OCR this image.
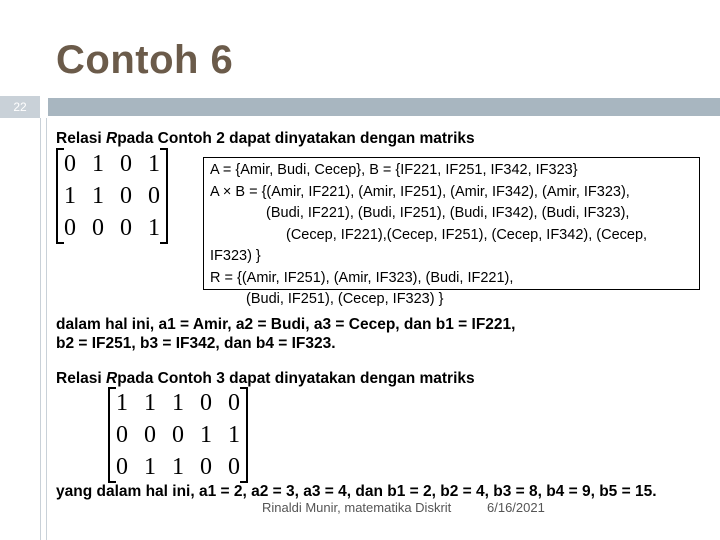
Contoh 6
22
Relasi Rpada Contoh 2 dapat dinyatakan dengan matriks
0	1	0	1
1	1	0	0
0	0	0	1
A = {Amir, Budi, Cecep}, B = {IF221, IF251, IF342, IF323}
A × B = {(Amir, IF221), (Amir, IF251), (Amir, IF342), (Amir, IF323),
(Budi, IF221), (Budi, IF251), (Budi, IF342), (Budi, IF323),
(Cecep, IF221),(Cecep, IF251), (Cecep, IF342), (Cecep,
IF323) }
R = {(Amir, IF251), (Amir, IF323), (Budi, IF221),
(Budi, IF251), (Cecep, IF323) }
dalam hal ini, a1 = Amir, a2 = Budi, a3 = Cecep, dan b1 = IF221,
b2 = IF251, b3 = IF342, dan b4 = IF323.
Relasi Rpada Contoh 3 dapat dinyatakan dengan matriks
1	1	1	0	0
0	0	0	1	1
0	1	1	0	0
yang dalam hal ini, a1 = 2, a2 = 3, a3 = 4, dan b1 = 2, b2 = 4, b3 = 8, b4 = 9, b5 = 15.
Rinaldi Munir, matematika Diskrit	6/16/2021
